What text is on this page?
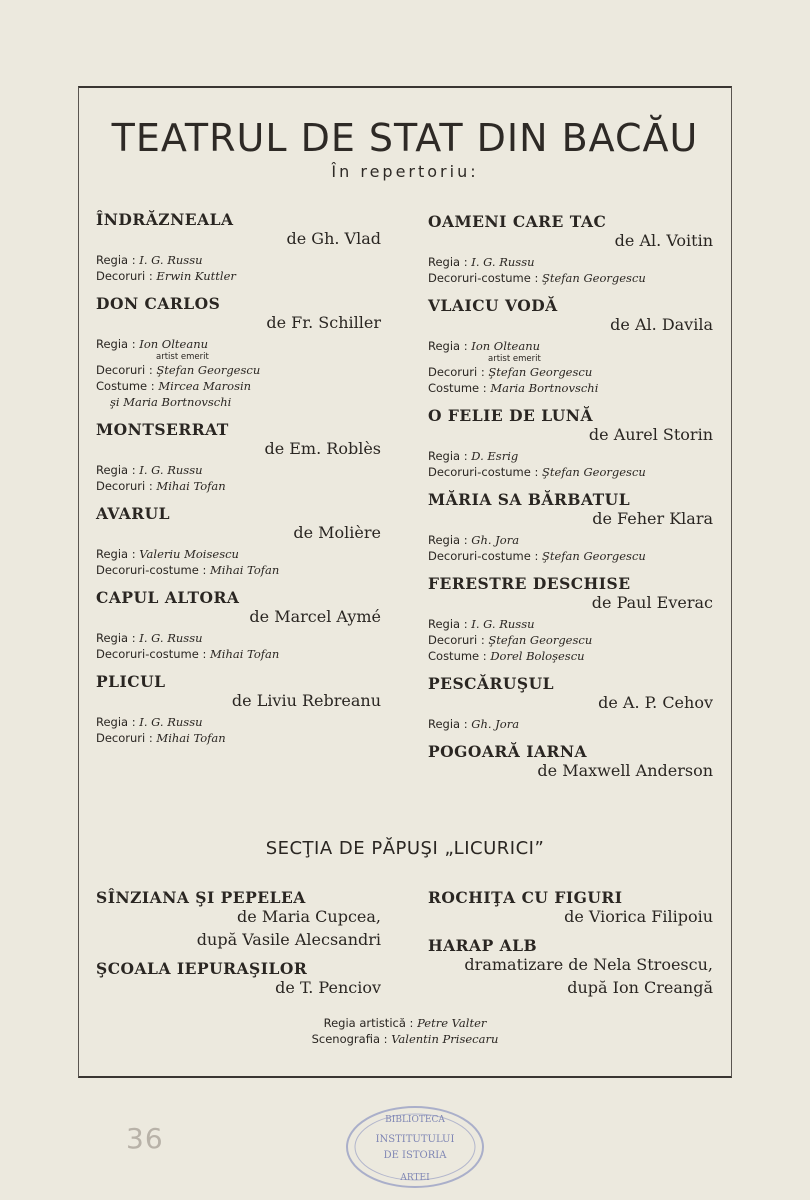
TEATRUL DE STAT DIN BACĂU
În repertoriu:
ÎNDRĂZNEALA
de Gh. Vlad
Regia : I. G. Russu
Decoruri : Erwin Kuttler
DON CARLOS
de Fr. Schiller
Regia : Ion Olteanu
artist emerit
Decoruri : Ştefan Georgescu
Costume : Mircea Marosin
şi Maria Bortnovschi
MONTSERRAT
de Em. Roblès
Regia : I. G. Russu
Decoruri : Mihai Tofan
AVARUL
de Molière
Regia : Valeriu Moisescu
Decoruri-costume : Mihai Tofan
CAPUL ALTORA
de Marcel Aymé
Regia : I. G. Russu
Decoruri-costume : Mihai Tofan
PLICUL
de Liviu Rebreanu
Regia : I. G. Russu
Decoruri : Mihai Tofan
OAMENI CARE TAC
de Al. Voitin
Regia : I. G. Russu
Decoruri-costume : Ştefan Georgescu
VLAICU VODĂ
de Al. Davila
Regia : Ion Olteanu
artist emerit
Decoruri : Ştefan Georgescu
Costume : Maria Bortnovschi
O FELIE DE LUNĂ
de Aurel Storin
Regia : D. Esrig
Decoruri-costume : Ştefan Georgescu
MĂRIA SA BĂRBATUL
de Feher Klara
Regia : Gh. Jora
Decoruri-costume : Ştefan Georgescu
FERESTRE DESCHISE
de Paul Everac
Regia : I. G. Russu
Decoruri : Ştefan Georgescu
Costume : Dorel Boloşescu
PESCĂRUŞUL
de A. P. Cehov
Regia : Gh. Jora
POGOARĂ IARNA
de Maxwell Anderson
SECŢIA DE PĂPUŞI „LICURICI”
SÎNZIANA ŞI PEPELEA
de Maria Cupcea,
după Vasile Alecsandri
ŞCOALA IEPURAŞILOR
de T. Penciov
ROCHIŢA CU FIGURI
de Viorica Filipoiu
HARAP ALB
dramatizare de Nela Stroescu,
după Ion Creangă
Regia artistică : Petre Valter
Scenografia : Valentin Prisecaru
36
BIBLIOTECA
INSTITUTULUI
DE ISTORIA
ARTEI
